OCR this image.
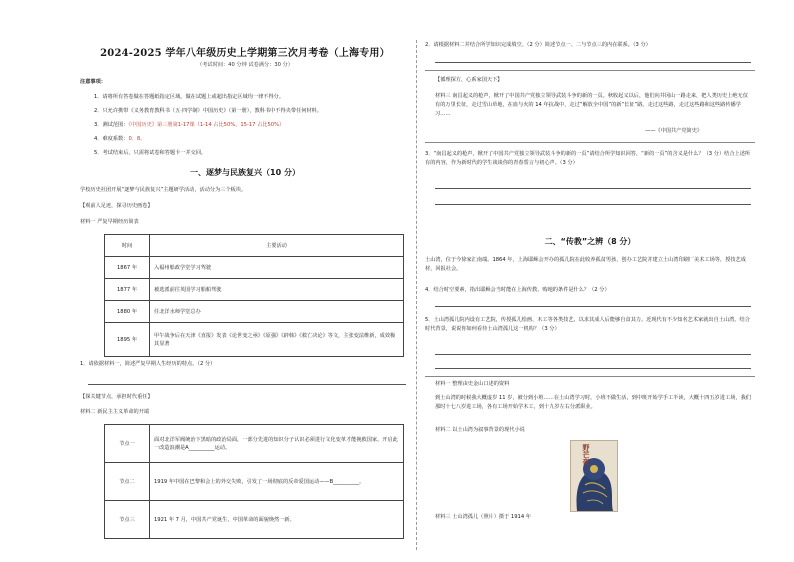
2024-2025 学年八年级历史上学期第三次月考卷（上海专用）
（考试时间：40 分钟 试卷满分：30 分）
注意事项：
1．请将所有答卷做在答题纸指定区域，做在试题上或超出指定区域均一律不得分。
2．只允许携带《义务教育教科书（五·四学制）中国历史》（第一册），教科书中不得夹带任何材料。
3．测试范围：《中国历史》第三册第1-17课（1-14 占比50%，15-17 占比50%）
4．难度系数：0．8。
5．考试结束后，只需将试卷和答题卡一并交回。
一、逐梦与民族复兴（10 分）
学校历史社团开展“逐梦与民族复兴”主题研学活动，活动分为三个板块。
【观前人足迹，探寻历史画卷】
材料一 严复早期经历简表
时间	主要活动
1867 年	入福州船政学堂学习驾驶
1877 年	被选派前往英国学习船舶驾驶
1880 年	任北洋水师学堂总办
1895 年	甲午战争后在天津《直报》发表《论世变之亟》《原强》《辟韩》《救亡决论》等文，主张变法维新，成效极其显著
1．请依据材料一，简述严复早期人生经历的特点。（2 分）
【探关键节点，承担时代重任】
材料二 新民主主义革命的开端
节点一	面对北洋军阀统治下黑暗的政治局面，一部分先进的知识分子认识必须进行文化变革才能挽救国家。开启此一改造浪潮是A__________运动。
节点二	1919 年中国在巴黎和会上的外交失败，引发了一场彻底的反帝爱国运动——B__________。
节点三	1921 年 7 月，中国共产党诞生，中国革命的面貌焕然一新。
2．请根据材料二并结合所学知识完成填空。（2 分）简述节点一、二与节点三的内在联系。（3 分）
【循理探方，心系家国天下】
材料三 南昌起义的枪声，掀开了中国共产党独立领导武装斗争的新的一页。秋收起义以后，他们向井冈山一路走来，把人类历史上绝无仅有的万里长征，走过雪山草地，在血与火的 14 年抗战中，走过”解放全中国”的新“长征”路。走过这些路，走过这些路和这些路传播学习……
——《中国共产党简史》
3．“南昌起义的枪声，掀开了中国共产党独立领导武装斗争的新的一页”请结合所学知识回答，“新的一页”的含义是什么？（3 分）结合上述所有的内容，作为新时代的学生谈谈你的青春誓言与初心声。（3 分）
二、“传教”之辨（8 分）
土山湾，位于今徐家汇南端。1864 年，上海耶稣会开办的孤儿院在此收养孤贫男孩，创办工艺院并建立土山湾印刷厂美术工场等，授技艺成材，回报社会。
4．结合时空要素，指出耶稣会当时能在上海传教、购地的条件是什么？（2 分）
5．土山湾孤儿院内设有工艺院，传授孤儿绘画、木工等各类技艺，以求其成人后能够自食其力。近现代有不少知名艺术家就出自土山湾。结合时代背景，说说你如何看待土山湾孤儿这一机构？（3 分）
材料一 整理由史金山口述的资料
到土山湾的时候我大概虚岁 11 岁，被分到小班……在土山湾学习时，小班不做生活，到中班开始学手工半读，大概十四五岁进工场，我们那时十七八岁进工场，各有工场开始学木工，到十九岁左右分派职业。
材料二 以土山湾为叙事背景的现代小说
材料三 土山湾孤儿（照片）摄于 1914 年
野芒夜
